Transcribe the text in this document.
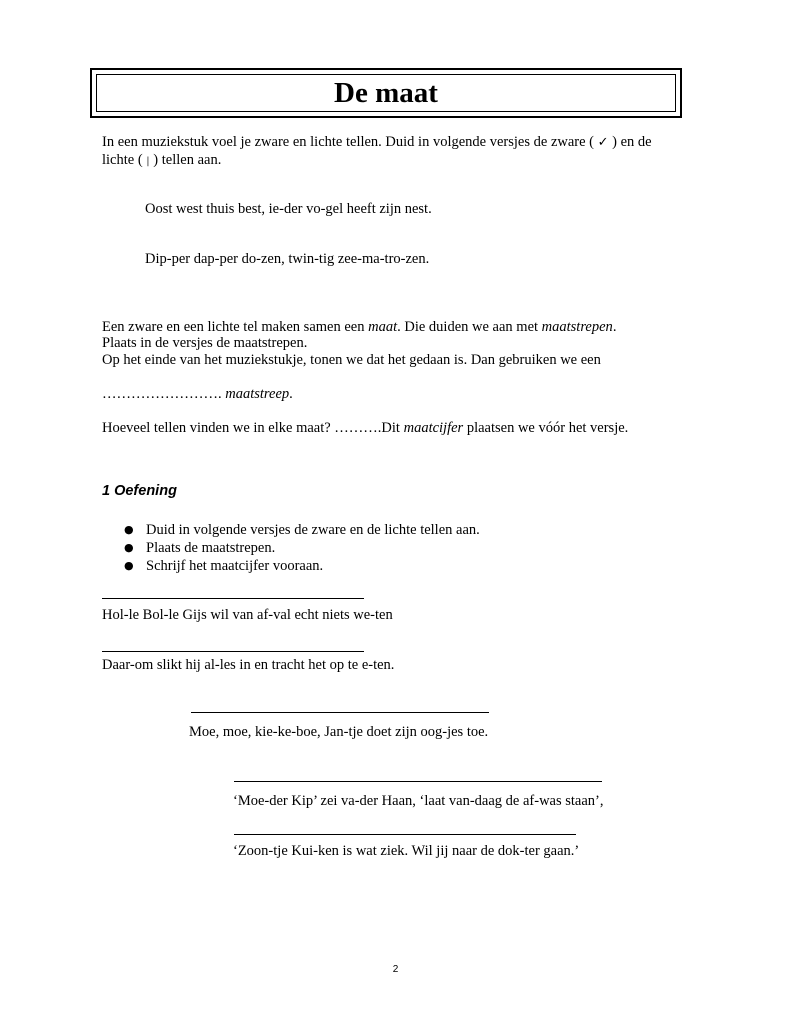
De maat
In een muziekstuk voel je zware en lichte tellen. Duid in volgende versjes de zware ( ✓ ) en de
lichte ( | ) tellen aan.
Oost west thuis best, ie-der vo-gel heeft zijn nest.
Dip-per dap-per do-zen, twin-tig zee-ma-tro-zen.
Een zware en een lichte tel maken samen een maat. Die duiden we aan met maatstrepen.
Plaats in de versjes de maatstrepen.
Op het einde van het muziekstukje, tonen we dat het gedaan is. Dan gebruiken we een
……………………. maatstreep.
Hoeveel tellen vinden we in elke maat? ……….Dit maatcijfer plaatsen we vóór het versje.
1 Oefening
● Duid in volgende versjes de zware en de lichte tellen aan.
● Plaats de maatstrepen.
● Schrijf het maatcijfer vooraan.
Hol-le Bol-le Gijs wil van af-val echt niets we-ten
Daar-om slikt hij al-les in en tracht het op te e-ten.
Moe, moe, kie-ke-boe, Jan-tje doet zijn oog-jes toe.
‘Moe-der Kip’ zei va-der Haan, ‘laat van-daag de af-was staan’,
‘Zoon-tje Kui-ken is wat ziek. Wil jij naar de dok-ter gaan.’
2
